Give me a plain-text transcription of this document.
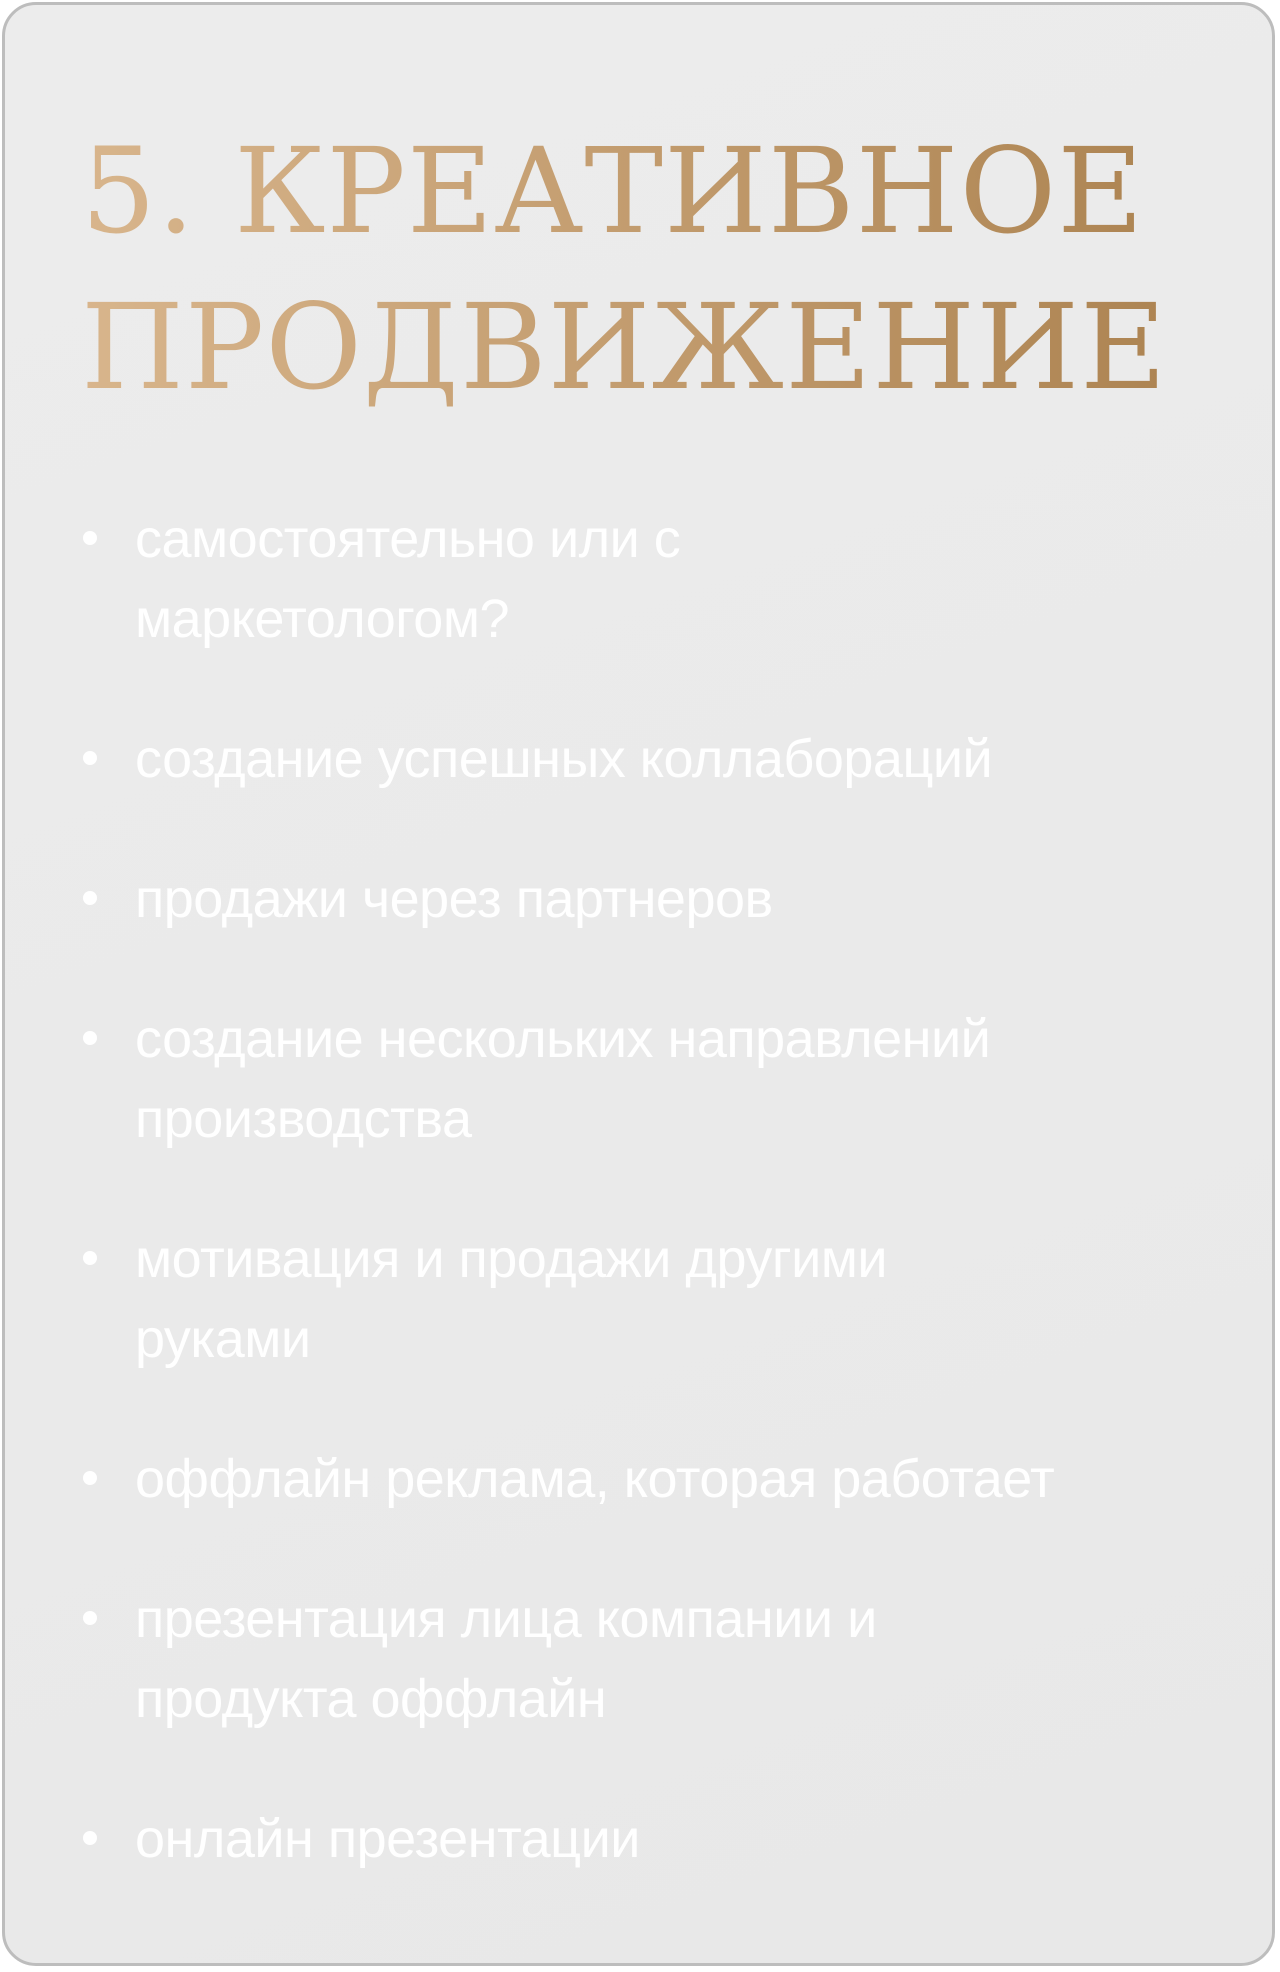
5. КРЕАТИВНОЕ
ПРОДВИЖЕНИЕ
самостоятельно или с маркетологом?
создание успешных коллабораций
продажи через партнеров
создание нескольких направлений производства
мотивация и продажи другими руками
оффлайн реклама, которая работает
презентация лица компании и продукта оффлайн
онлайн презентации
